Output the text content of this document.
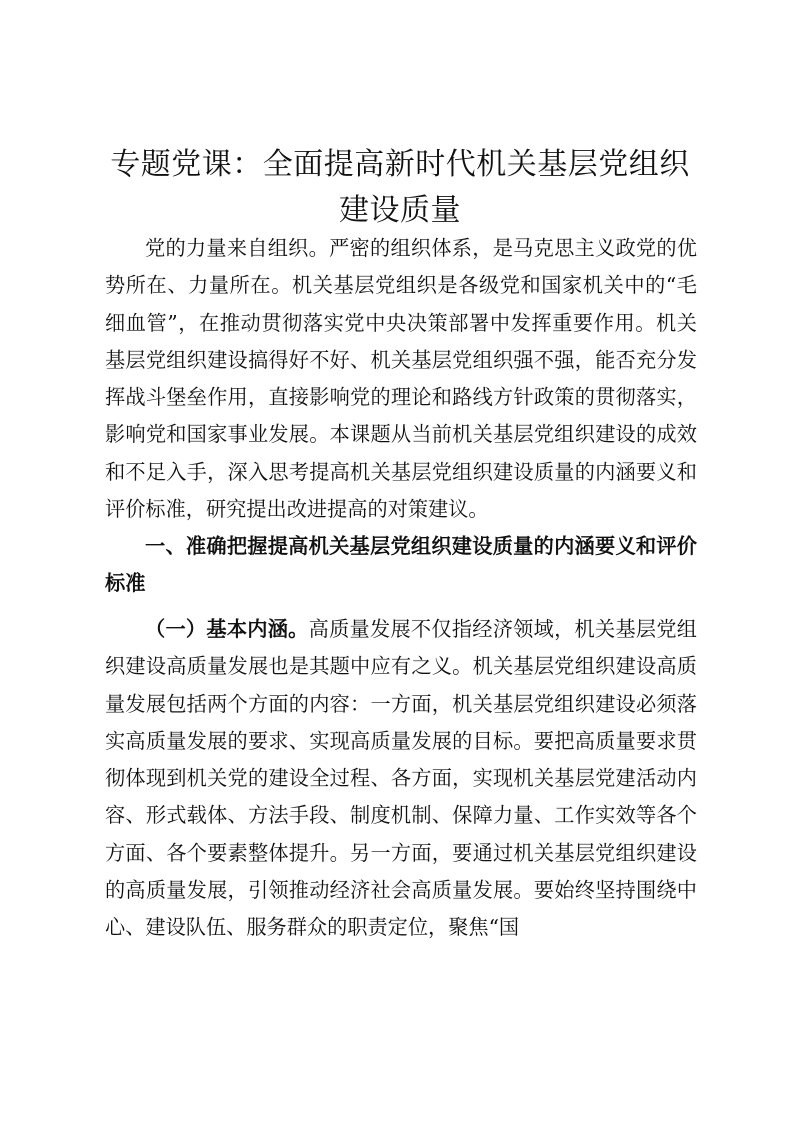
专题党课：全面提高新时代机关基层党组织建设质量

党的力量来自组织。严密的组织体系，是马克思主义政党的优势所在、力量所在。机关基层党组织是各级党和国家机关中的“毛细血管”，在推动贯彻落实党中央决策部署中发挥重要作用。机关基层党组织建设搞得好不好、机关基层党组织强不强，能否充分发挥战斗堡垒作用，直接影响党的理论和路线方针政策的贯彻落实，影响党和国家事业发展。本课题从当前机关基层党组织建设的成效和不足入手，深入思考提高机关基层党组织建设质量的内涵要义和评价标准，研究提出改进提高的对策建议。

一、准确把握提高机关基层党组织建设质量的内涵要义和评价标准

（一）基本内涵。高质量发展不仅指经济领域，机关基层党组织建设高质量发展也是其题中应有之义。机关基层党组织建设高质量发展包括两个方面的内容：一方面，机关基层党组织建设必须落实高质量发展的要求、实现高质量发展的目标。要把高质量要求贯彻体现到机关党的建设全过程、各方面，实现机关基层党建活动内容、形式载体、方法手段、制度机制、保障力量、工作实效等各个方面、各个要素整体提升。另一方面，要通过机关基层党组织建设的高质量发展，引领推动经济社会高质量发展。要始终坚持围绕中心、建设队伍、服务群众的职责定位，聚焦“国
